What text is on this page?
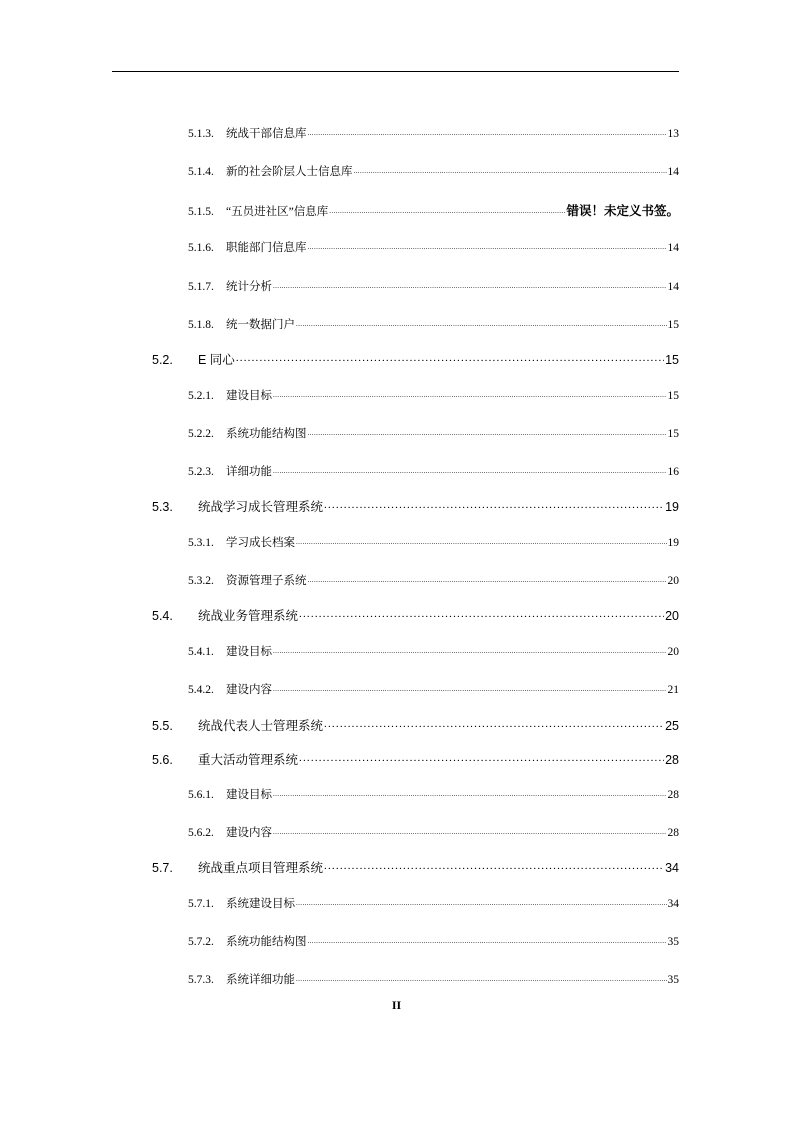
5.1.3.	统战干部信息库 .....	13
5.1.4.	新的社会阶层人士信息库 .....	14
5.1.5.	“五员进社区”信息库 .....	错误！未定义书签。
5.1.6.	职能部门信息库 .....	14
5.1.7.	统计分析 .....	14
5.1.8.	统一数据门户 .....	15
5.2.	E 同心 .....	15
5.2.1.	建设目标 .....	15
5.2.2.	系统功能结构图 .....	15
5.2.3.	详细功能 .....	16
5.3.	统战学习成长管理系统 .....	19
5.3.1.	学习成长档案 .....	19
5.3.2.	资源管理子系统 .....	20
5.4.	统战业务管理系统 .....	20
5.4.1.	建设目标 .....	20
5.4.2.	建设内容 .....	21
5.5.	统战代表人士管理系统 .....	25
5.6.	重大活动管理系统 .....	28
5.6.1.	建设目标 .....	28
5.6.2.	建设内容 .....	28
5.7.	统战重点项目管理系统 .....	34
5.7.1.	系统建设目标 .....	34
5.7.2.	系统功能结构图 .....	35
5.7.3.	系统详细功能 .....	35
II
